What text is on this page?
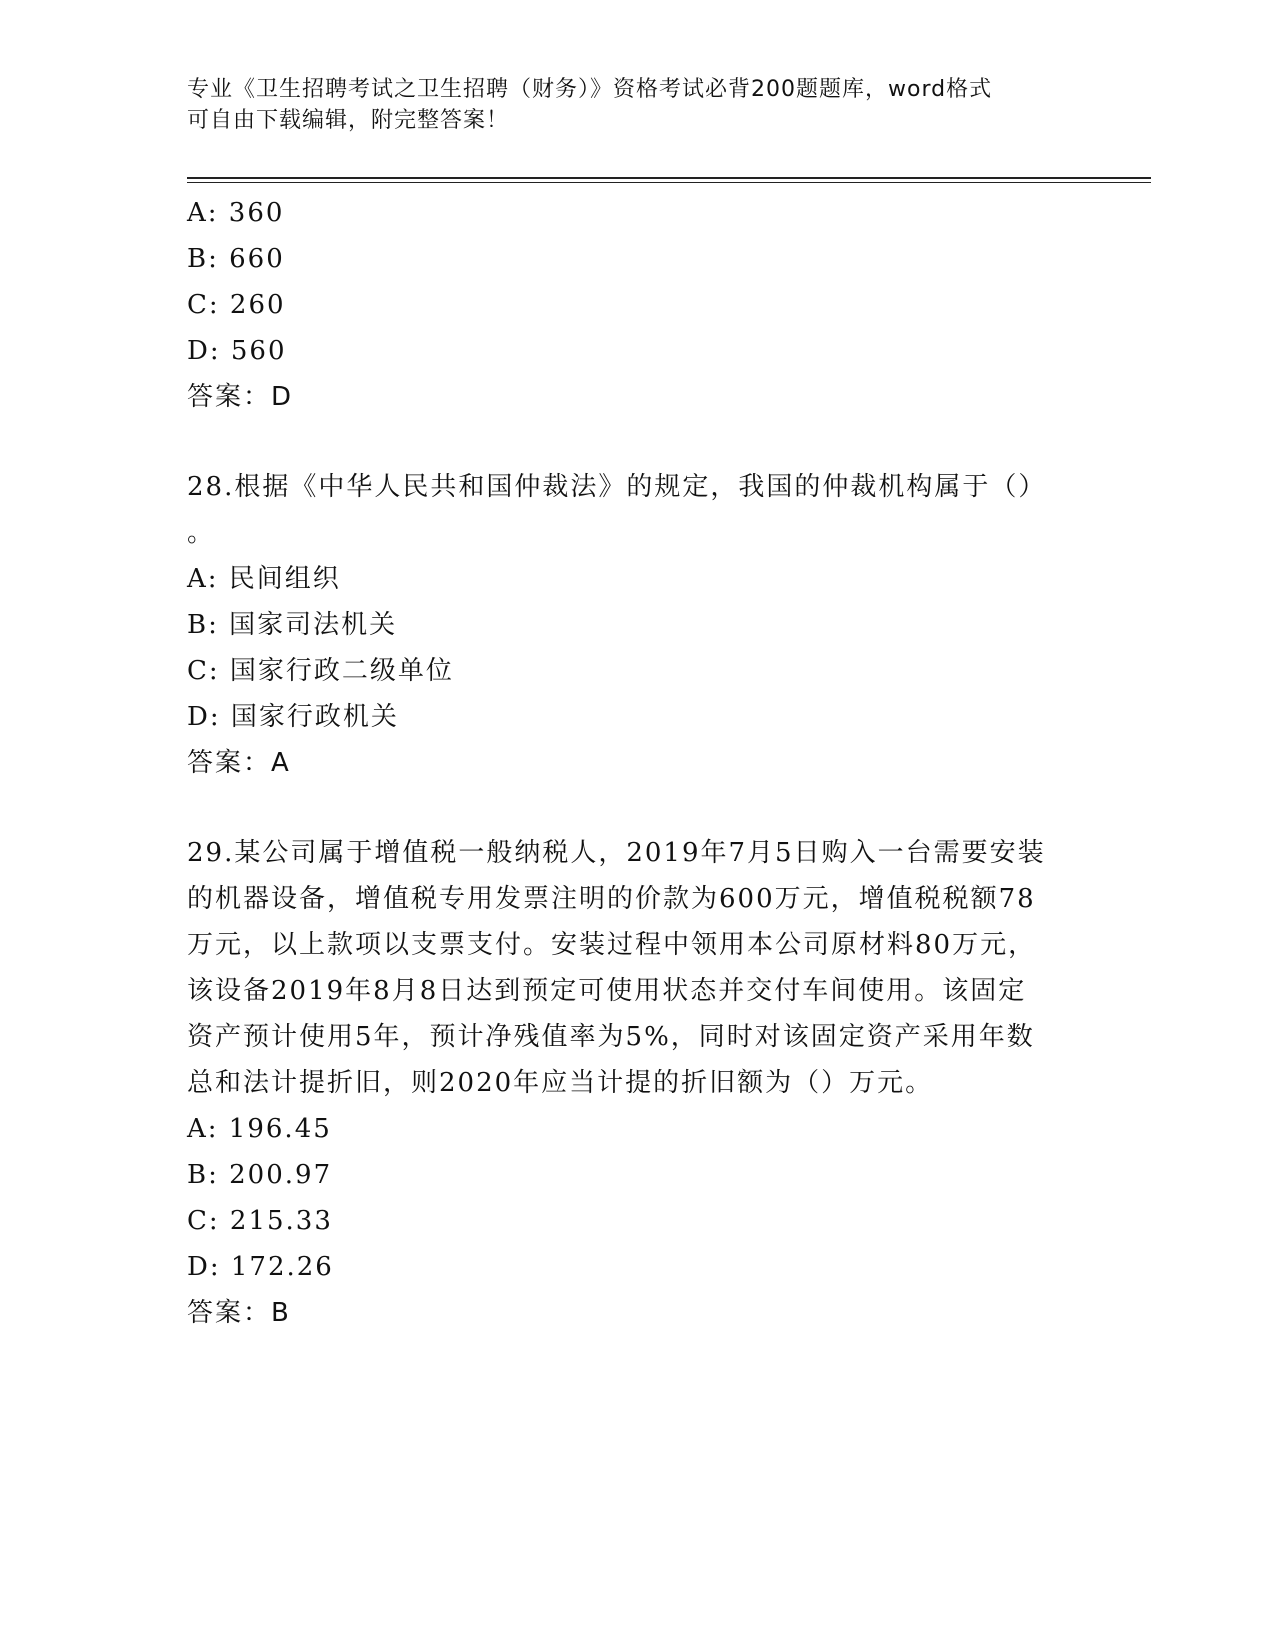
专业《卫生招聘考试之卫生招聘（财务）》资格考试必背200题题库，word格式
可自由下载编辑，附完整答案！
A: 360
B: 660
C: 260
D: 560
答案：D
28.根据《中华人民共和国仲裁法》的规定，我国的仲裁机构属于（）
。
A: 民间组织
B: 国家司法机关
C: 国家行政二级单位
D: 国家行政机关
答案：A
29.某公司属于增值税一般纳税人，2019年7月5日购入一台需要安装
的机器设备，增值税专用发票注明的价款为600万元，增值税税额78
万元，以上款项以支票支付。安装过程中领用本公司原材料80万元，
该设备2019年8月8日达到预定可使用状态并交付车间使用。该固定
资产预计使用5年，预计净残值率为5%，同时对该固定资产采用年数
总和法计提折旧，则2020年应当计提的折旧额为（）万元。
A: 196.45
B: 200.97
C: 215.33
D: 172.26
答案：B
